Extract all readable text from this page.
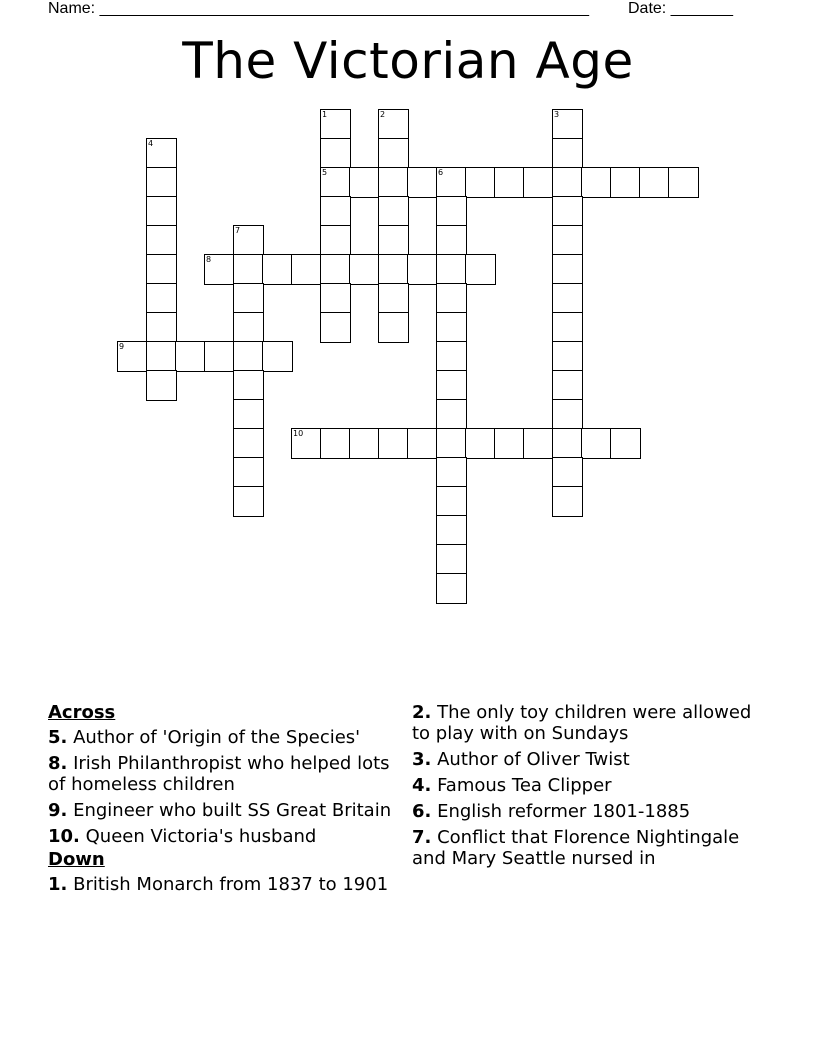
Name: _______________________________________________________ Date: _______
The Victorian Age
1	2	3
4
5	6
7
8
9
10
Across
5. Author of 'Origin of the Species'
8. Irish Philanthropist who helped lots of homeless children
9. Engineer who built SS Great Britain
10. Queen Victoria's husband
Down
1. British Monarch from 1837 to 1901
2. The only toy children were allowed to play with on Sundays
3. Author of Oliver Twist
4. Famous Tea Clipper
6. English reformer 1801-1885
7. Conflict that Florence Nightingale and Mary Seattle nursed in
